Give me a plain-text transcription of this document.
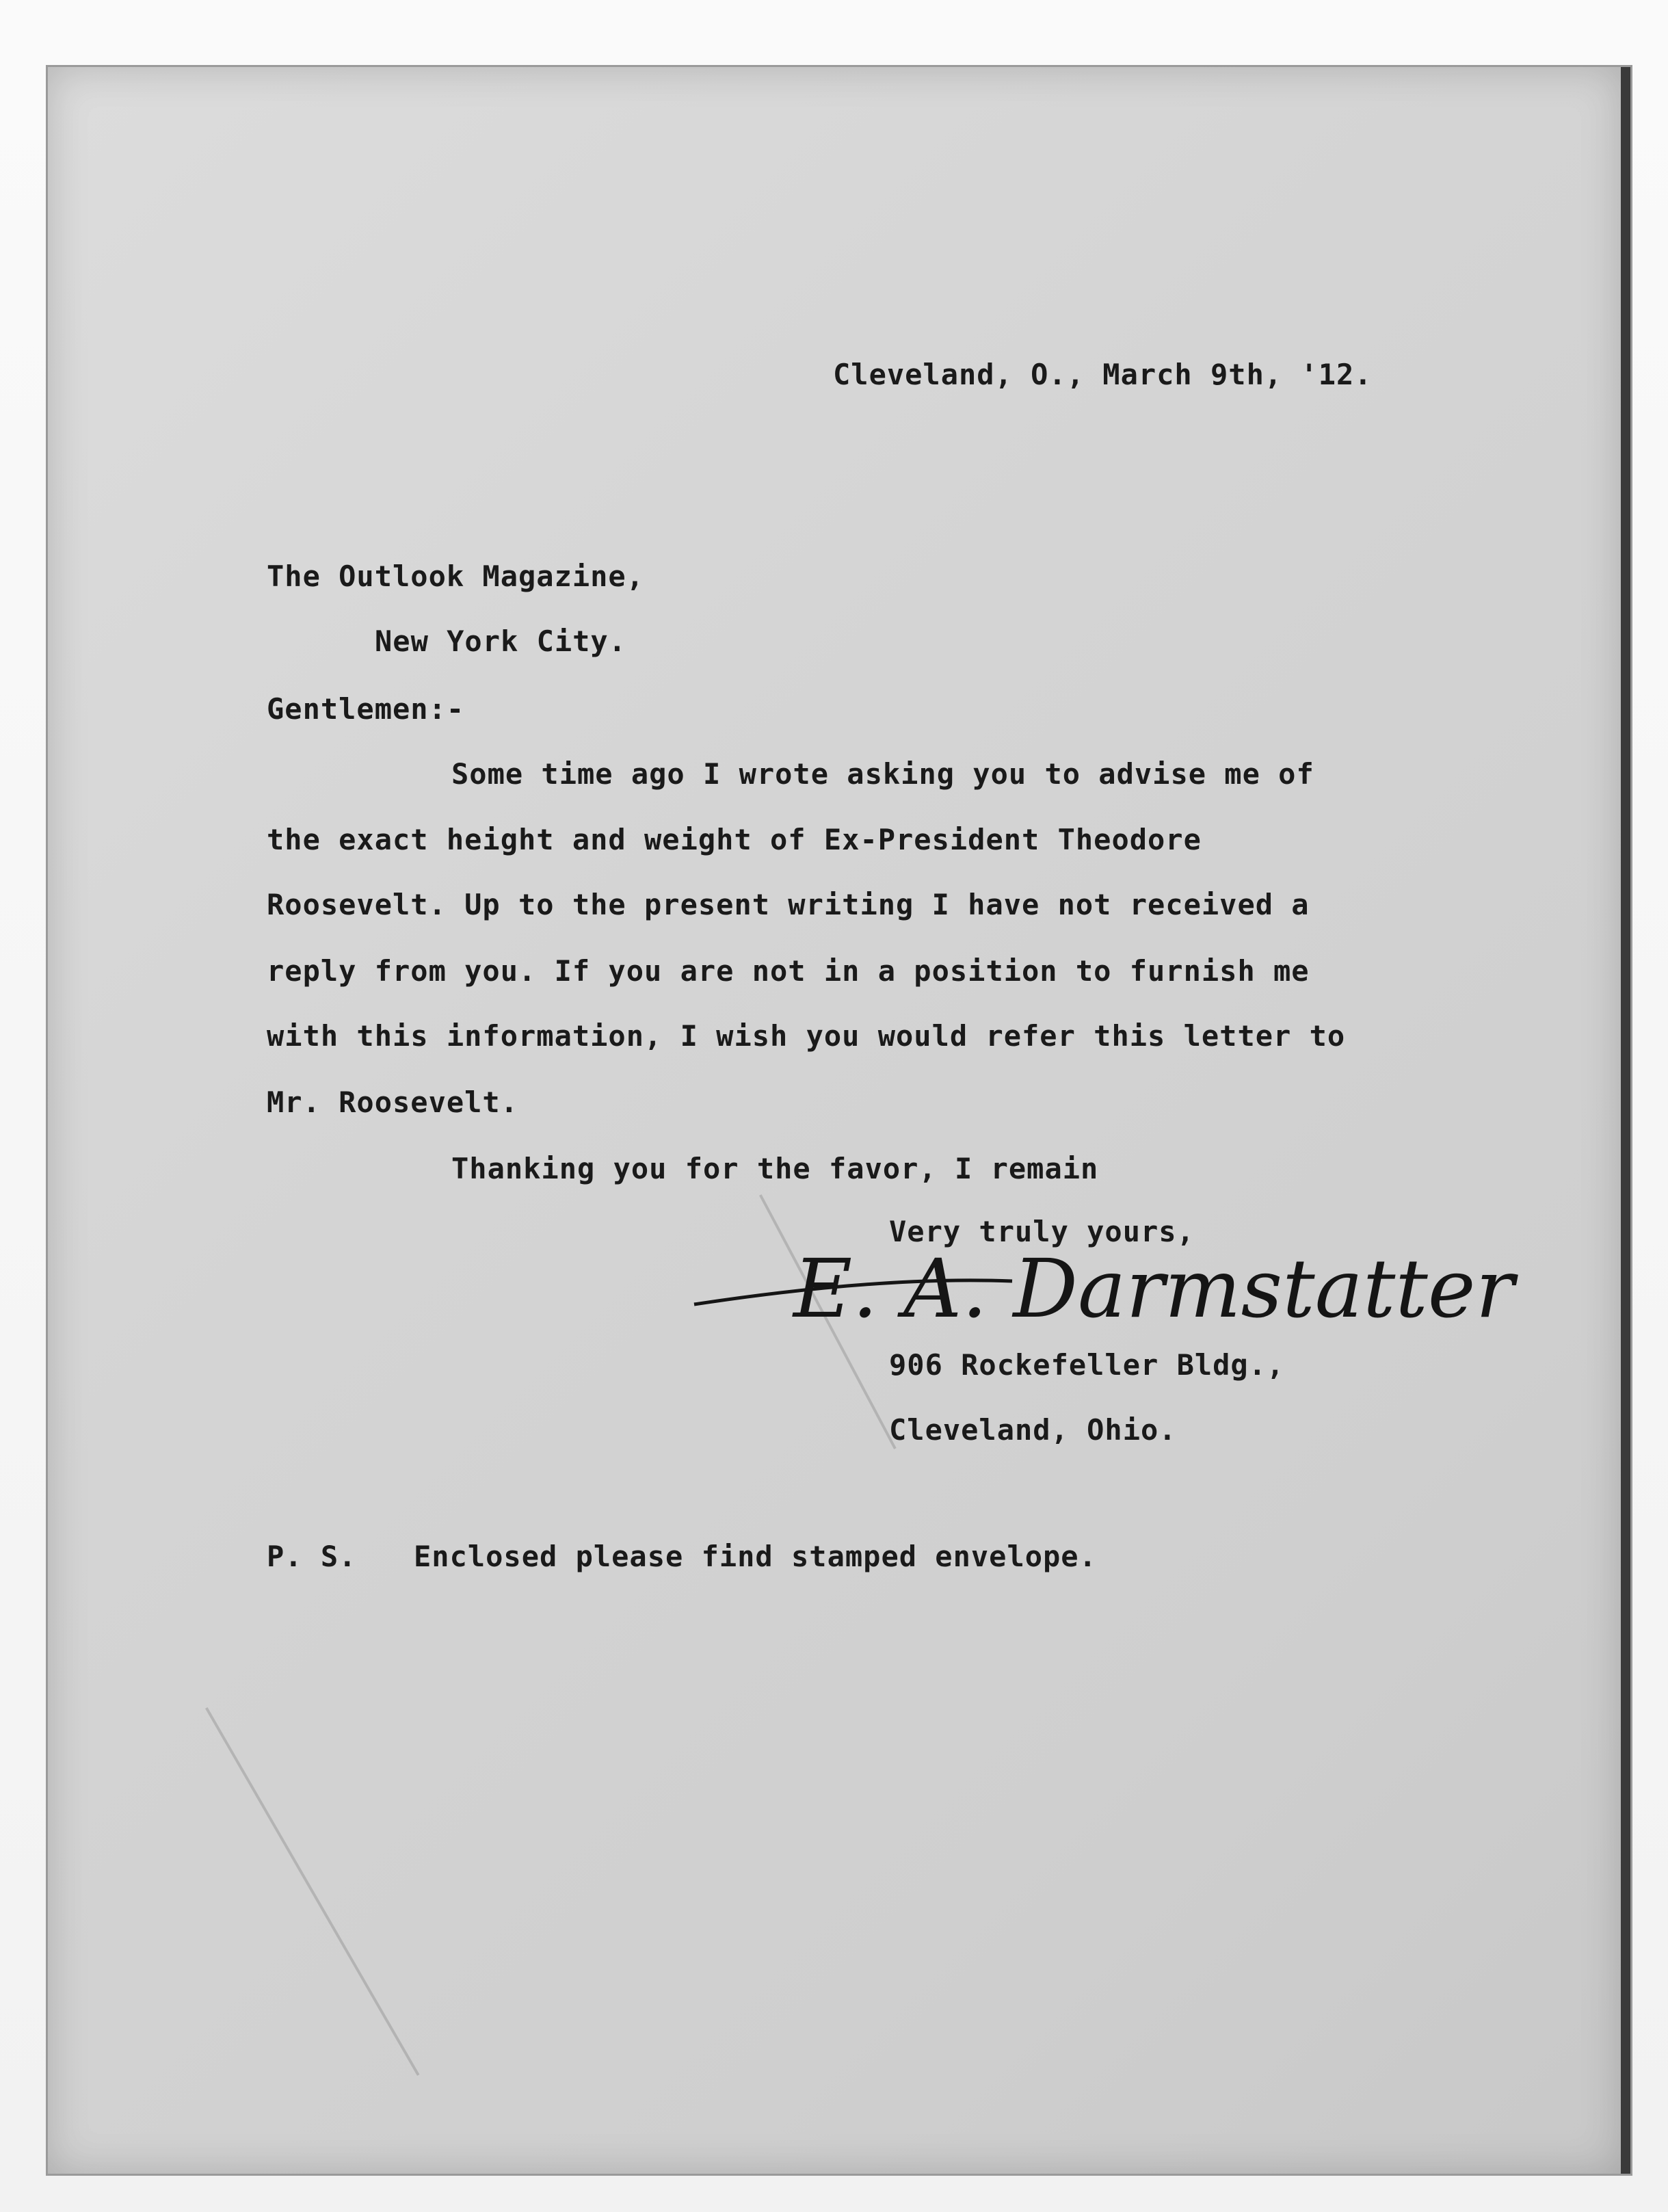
Cleveland, O., March 9th, '12.

The Outlook Magazine,

New York City.

Gentlemen:-

Some time ago I wrote asking you to advise me of

the exact height and weight of Ex-President Theodore

Roosevelt. Up to the present writing I have not received a

reply from you. If you are not in a position to furnish me

with this information, I wish you would refer this letter to

Mr. Roosevelt.

Thanking you for the favor, I remain

Very truly yours,

E. A. Darmstatter

906 Rockefeller Bldg.,

Cleveland, Ohio.

P. S. Enclosed please find stamped envelope.
